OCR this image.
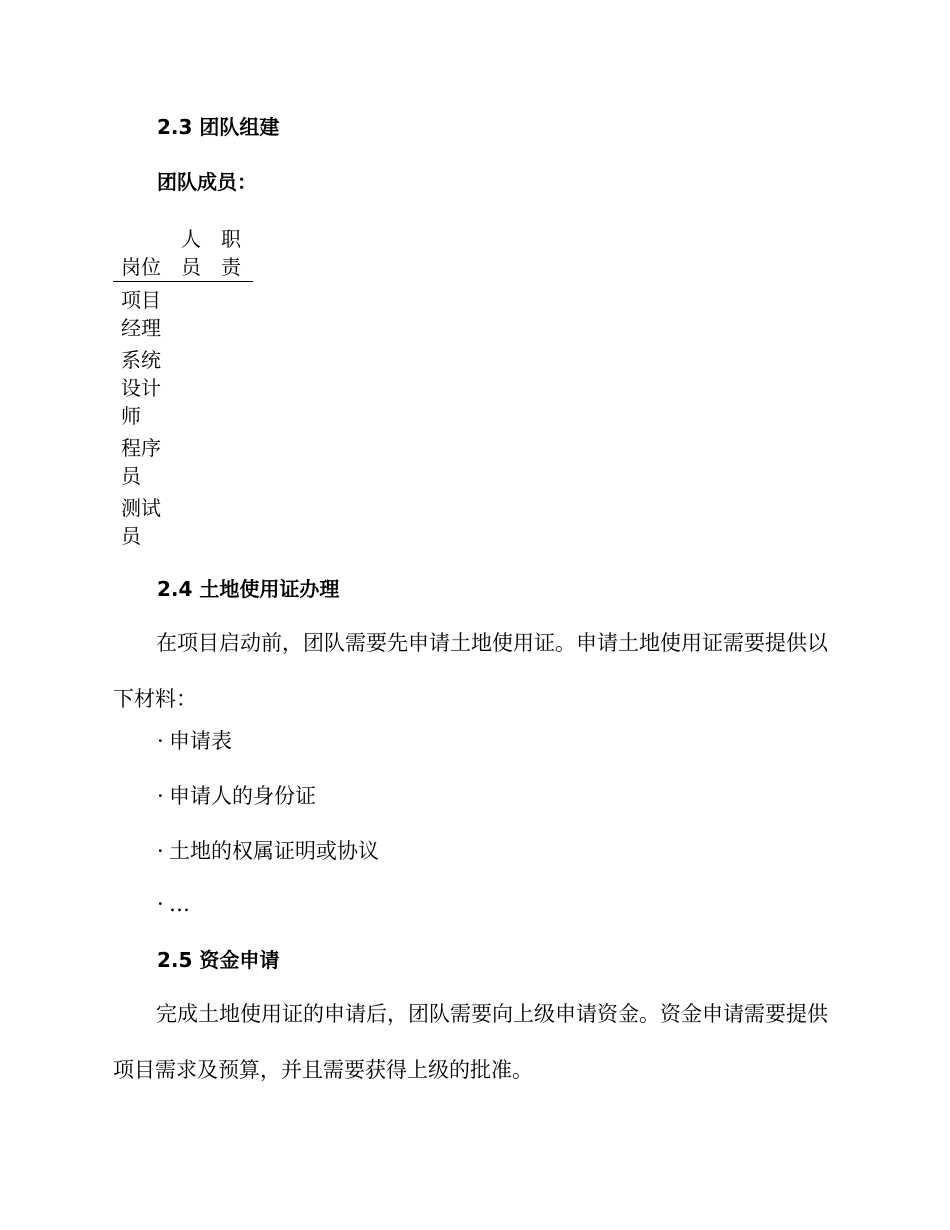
2.3 团队组建
团队成员：
岗位	人员	职责
项目经理		
系统设计师		
程序员		
测试员		
2.4 土地使用证办理

在项目启动前，团队需要先申请土地使用证。申请土地使用证需要提供以下材料：

· 申请表
· 申请人的身份证
· 土地的权属证明或协议
· …
2.5 资金申请

完成土地使用证的申请后，团队需要向上级申请资金。资金申请需要提供项目需求及预算，并且需要获得上级的批准。
